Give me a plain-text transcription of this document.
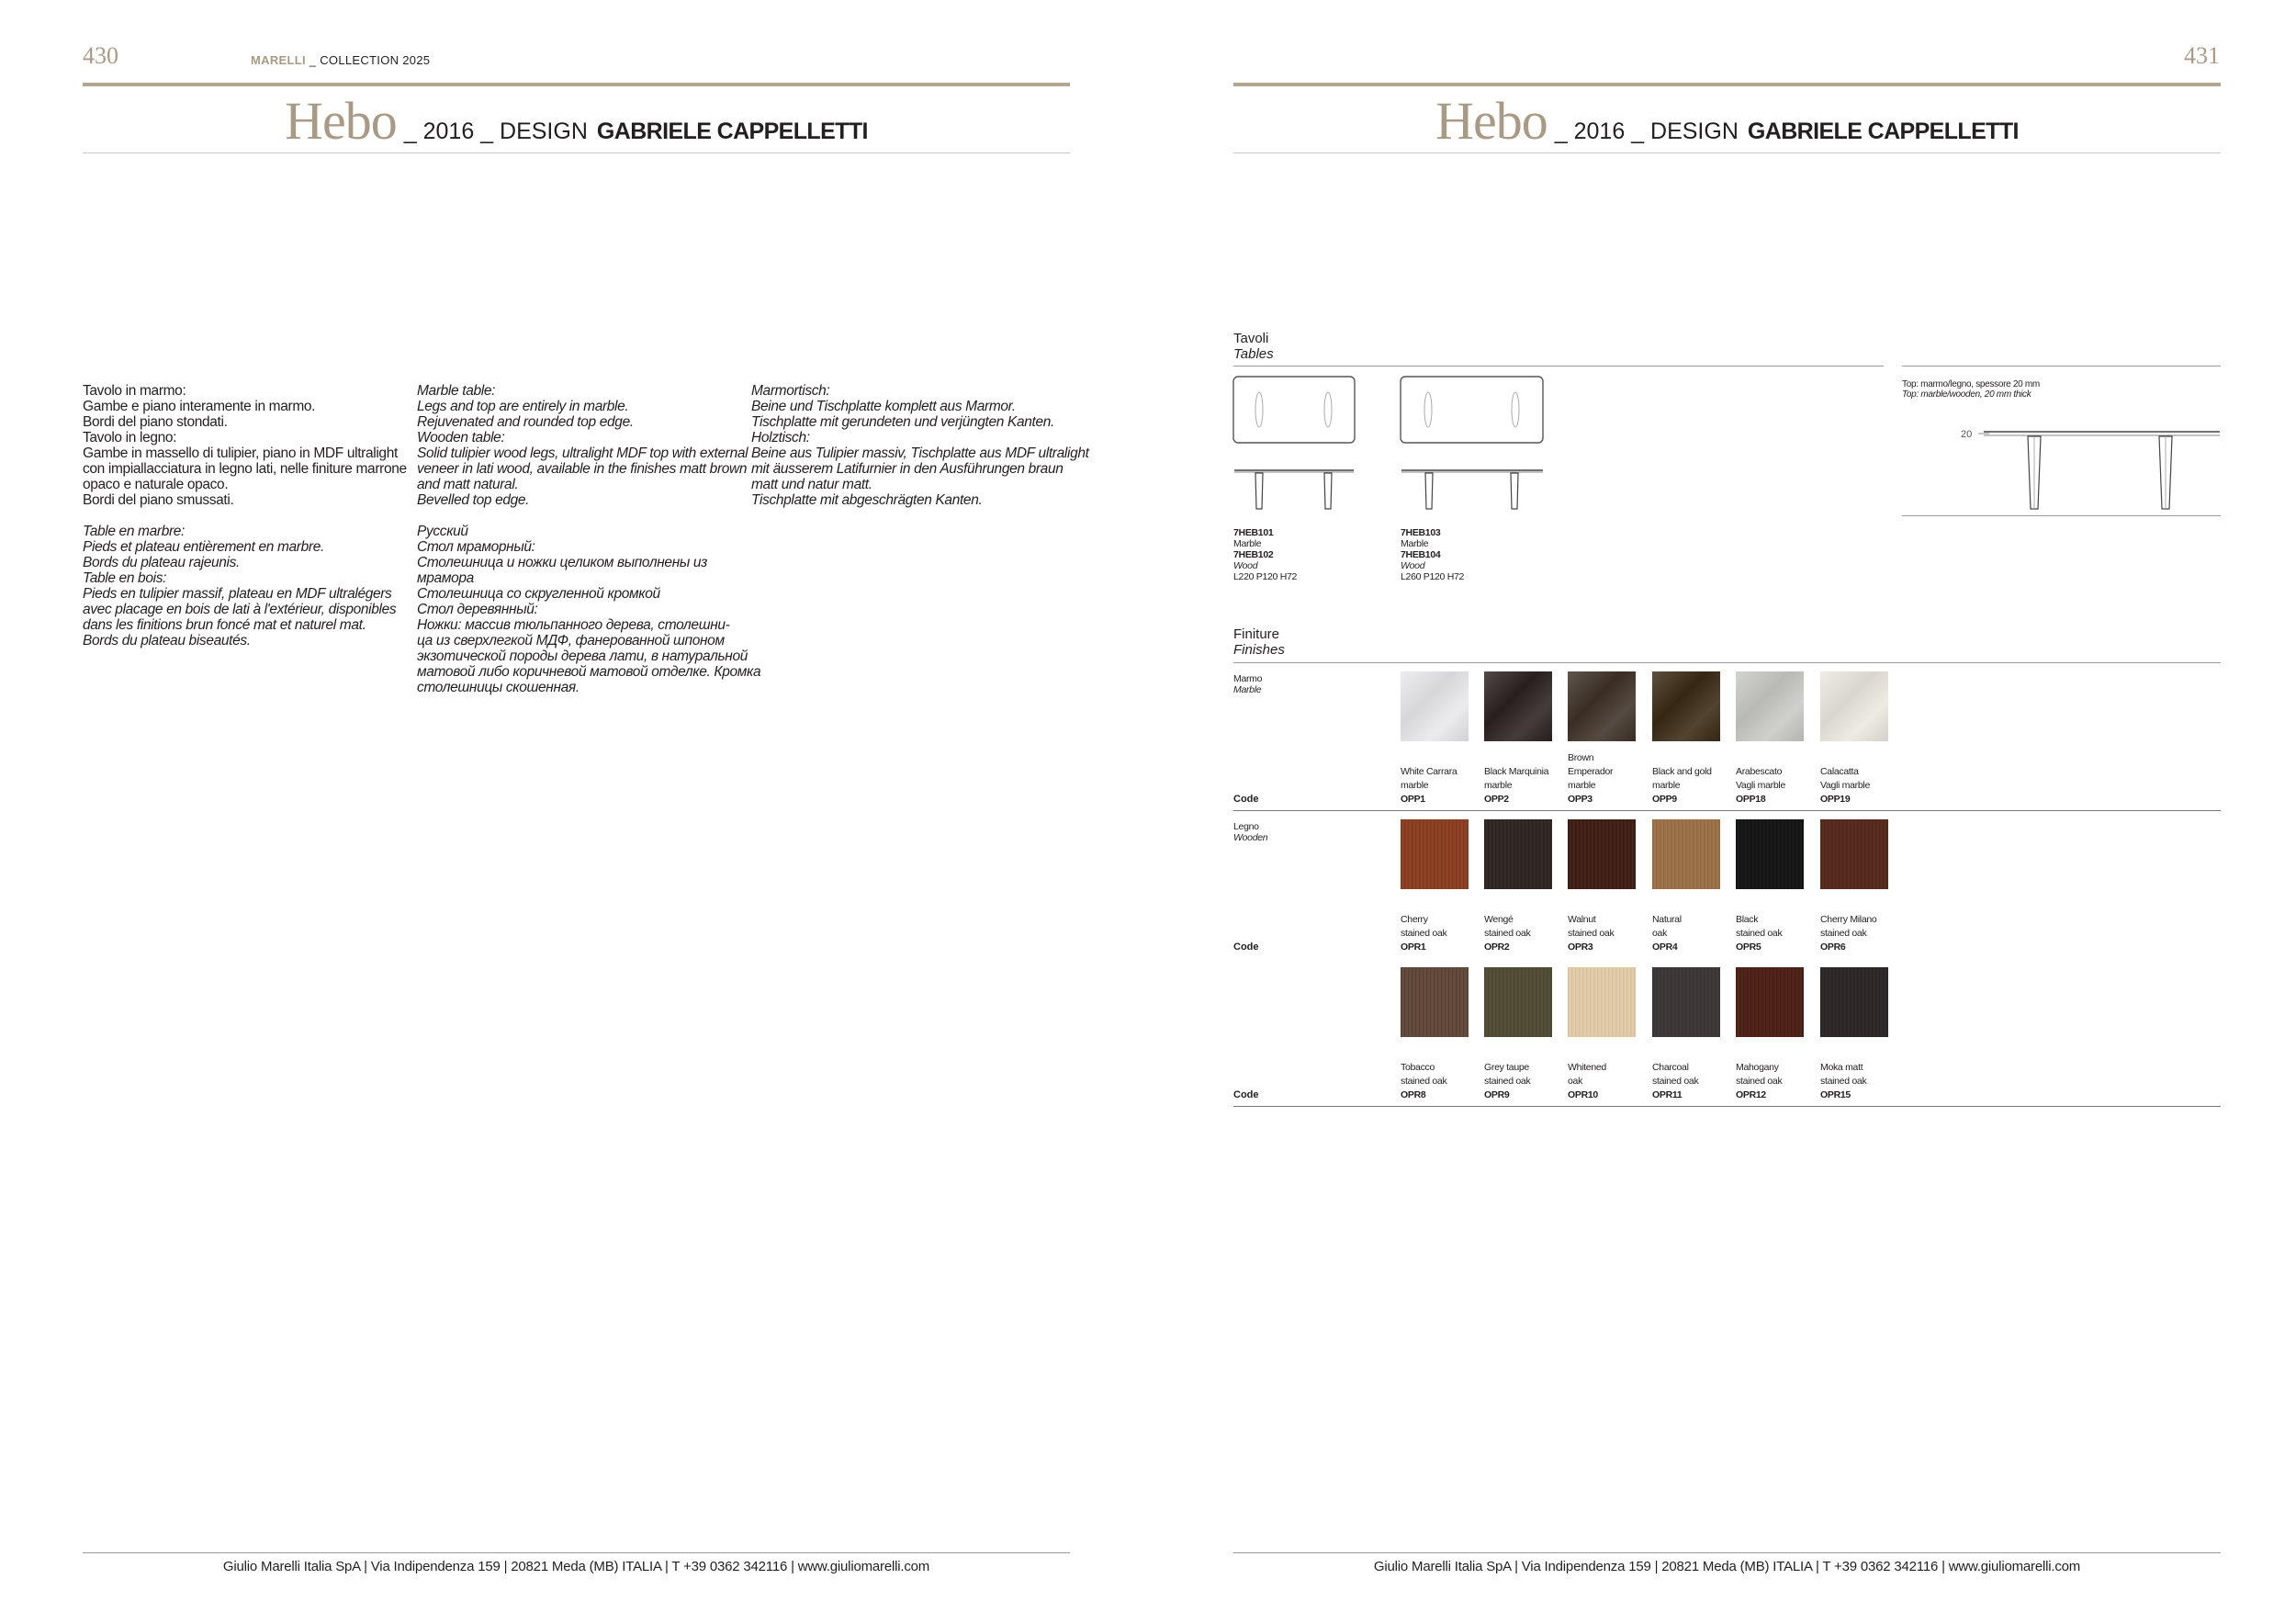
430	MARELLI _ COLLECTION 2025
Hebo _ 2016 _ DESIGN GABRIELE CAPPELLETTI

Tavolo in marmo:

Gambe e piano interamente in marmo.

Bordi del piano stondati.

Tavolo in legno:

Gambe in massello di tulipier, piano in MDF ultralight

con impiallacciatura in legno lati, nelle finiture marrone

opaco e naturale opaco.

Bordi del piano smussati.

Table en marbre:

Pieds et plateau entièrement en marbre.

Bords du plateau rajeunis.

Table en bois:

Pieds en tulipier massif, plateau en MDF ultralégers

avec placage en bois de lati à l'extérieur, disponibles

dans les finitions brun foncé mat et naturel mat.

Bords du plateau biseautés.

Marble table:

Legs and top are entirely in marble.

Rejuvenated and rounded top edge.

Wooden table:

Solid tulipier wood legs, ultralight MDF top with external

veneer in lati wood, available in the finishes matt brown

and matt natural.

Bevelled top edge.

Русский

Стол мраморный:

Столешница и ножки целиком выполнены из

мрамора

Столешница со скругленной кромкой

Стол деревянный:

Ножки: массив тюльпанного дерева, столешни-

ца из сверхлегкой МДФ, фанерованной шпоном

экзотической породы дерева лати, в натуральной

матовой либо коричневой матовой отделке. Кромка

столешницы скошенная.

Marmortisch:

Beine und Tischplatte komplett aus Marmor.

Tischplatte mit gerundeten und verjüngten Kanten.

Holztisch:

Beine aus Tulipier massiv, Tischplatte aus MDF ultralight

mit äusserem Latifurnier in den Ausführungen braun

matt und natur matt.

Tischplatte mit abgeschrägten Kanten.

Giulio Marelli Italia SpA | Via Indipendenza 159 | 20821 Meda (MB) ITALIA | T +39 0362 342116 | www.giuliomarelli.com
431
Hebo _ 2016 _ DESIGN GABRIELE CAPPELLETTI
Tavoli
Tables
7HEB101
Marble
7HEB102
Wood
L220 P120 H72
7HEB103
Marble
7HEB104
Wood
L260 P120 H72
Top: marmo/legno, spessore 20 mm
Top: marble/wooden, 20 mm thick
20
Finiture
Finishes
Marmo
Marble

White Carrara
marble
OPP1

Black Marquinia
marble
OPP2
Brown
Emperador
marble
OPP3

Black and gold
marble
OPP9

Arabescato
Vagli marble
OPP18

Calacatta
Vagli marble
OPP19
Code
Legno
Wooden
Cherry
stained oak
OPR1
Wengé
stained oak
OPR2
Walnut
stained oak
OPR3
Natural
oak
OPR4
Black
stained oak
OPR5
Cherry Milano
stained oak
OPR6
Code
Tobacco
stained oak
OPR8
Grey taupe
stained oak
OPR9
Whitened
oak
OPR10
Charcoal
stained oak
OPR11
Mahogany
stained oak
OPR12
Moka matt
stained oak
OPR15
Code
Giulio Marelli Italia SpA | Via Indipendenza 159 | 20821 Meda (MB) ITALIA | T +39 0362 342116 | www.giuliomarelli.com
